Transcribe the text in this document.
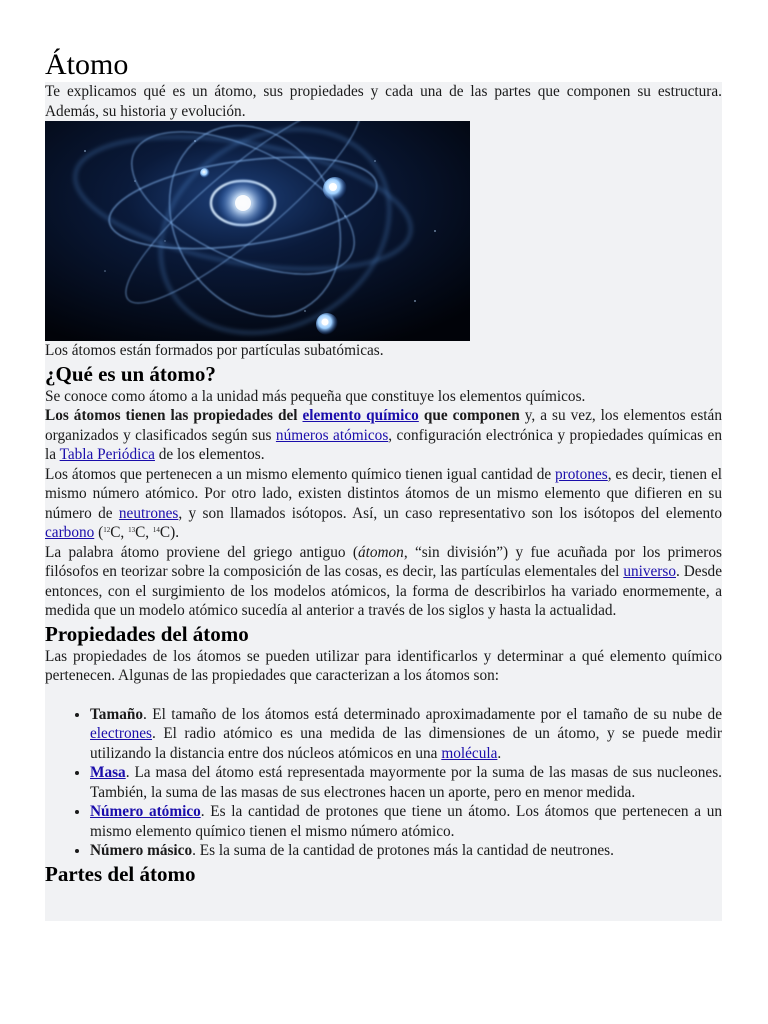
Átomo

Te explicamos qué es un átomo, sus propiedades y cada una de las partes que componen su estructura. Además, su historia y evolución.

Los átomos están formados por partículas subatómicas.

¿Qué es un átomo?

Se conoce como átomo a la unidad más pequeña que constituye los elementos químicos.

Los átomos tienen las propiedades del elemento químico que componen y, a su vez, los elementos están organizados y clasificados según sus números atómicos, configuración electrónica y propiedades químicas en la Tabla Periódica de los elementos.

Los átomos que pertenecen a un mismo elemento químico tienen igual cantidad de protones, es decir, tienen el mismo número atómico. Por otro lado, existen distintos átomos de un mismo elemento que difieren en su número de neutrones, y son llamados isótopos. Así, un caso representativo son los isótopos del elemento carbono ($^{12}$C, $^{13}$C, $^{14}$C).

La palabra átomo proviene del griego antiguo (átomon, “sin división”) y fue acuñada por los primeros filósofos en teorizar sobre la composición de las cosas, es decir, las partículas elementales del universo. Desde entonces, con el surgimiento de los modelos atómicos, la forma de describirlos ha variado enormemente, a medida que un modelo atómico sucedía al anterior a través de los siglos y hasta la actualidad.

Propiedades del átomo

Las propiedades de los átomos se pueden utilizar para identificarlos y determinar a qué elemento químico pertenecen. Algunas de las propiedades que caracterizan a los átomos son:

• Tamaño. El tamaño de los átomos está determinado aproximadamente por el tamaño de su nube de electrones. El radio atómico es una medida de las dimensiones de un átomo, y se puede medir utilizando la distancia entre dos núcleos atómicos en una molécula.
• Masa. La masa del átomo está representada mayormente por la suma de las masas de sus nucleones. También, la suma de las masas de sus electrones hacen un aporte, pero en menor medida.
• Número atómico. Es la cantidad de protones que tiene un átomo. Los átomos que pertenecen a un mismo elemento químico tienen el mismo número atómico.
• Número másico. Es la suma de la cantidad de protones más la cantidad de neutrones.
Partes del átomo
